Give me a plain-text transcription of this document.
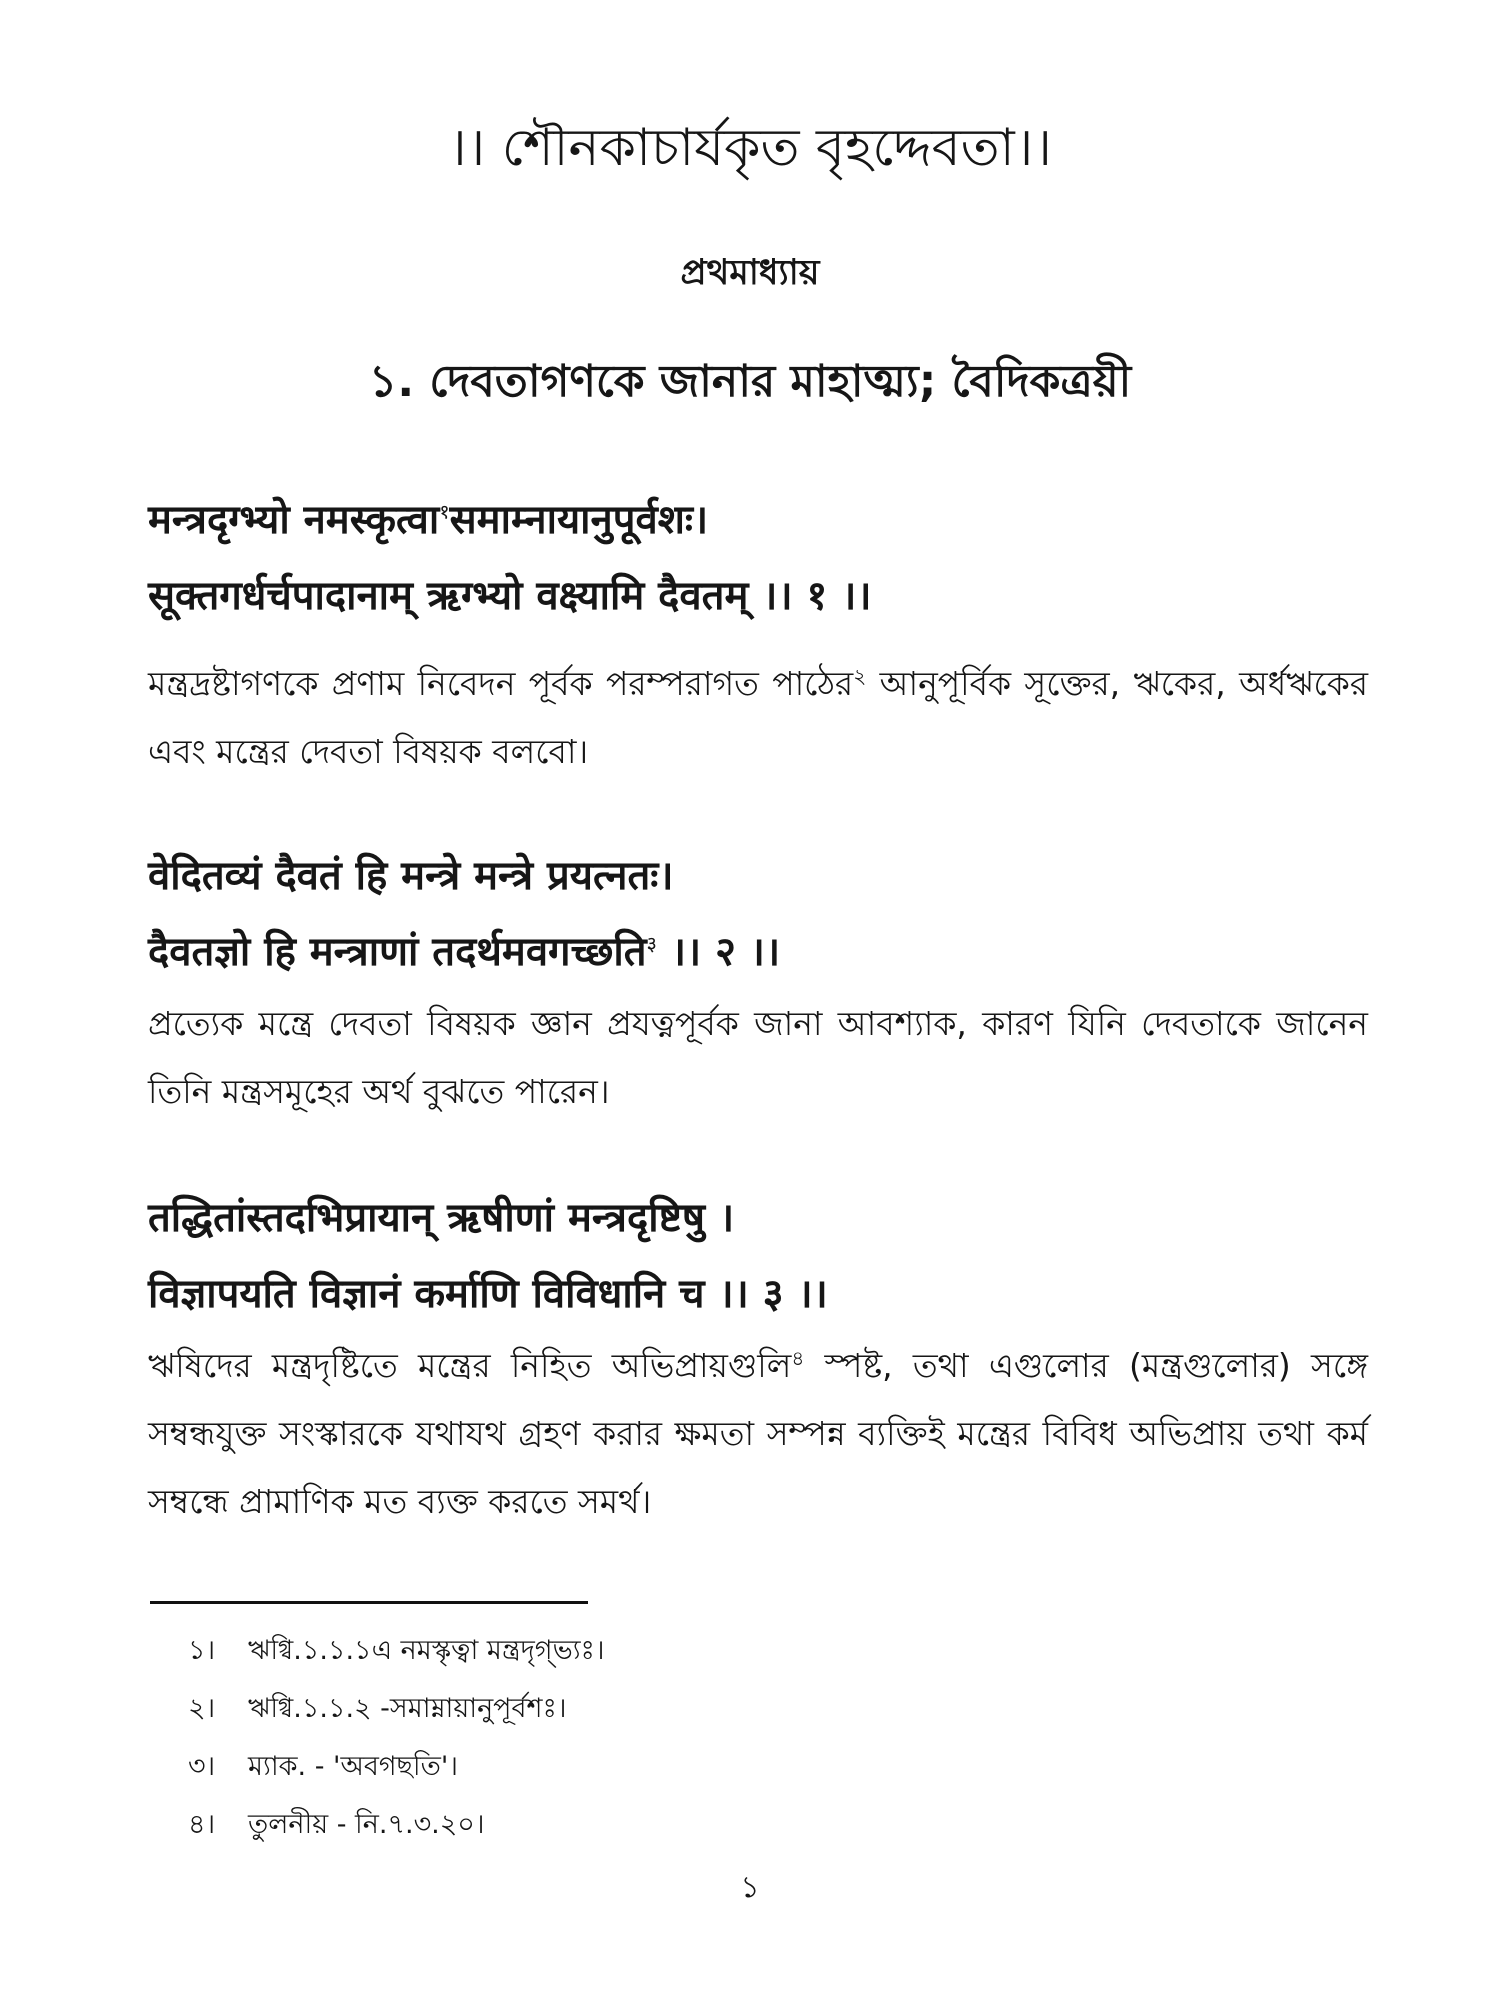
।। শৌনকাচার্যকৃত বৃহদ্দেবতা।।
প্রথমাধ্যায়
১. দেবতাগণকে জানার মাহাত্ম্য; বৈদিকত্রয়ী

मन्त्रदृग्भ्यो नमस्कृत्वा$^१$समाम्नायानुपूर्वशः।

सूक्तगर्धर्चपादानाम् ऋग्भ्यो वक्ष्यामि दैवतम् ।। १ ।।

মন্ত্রদ্রষ্টাগণকে প্রণাম নিবেদন পূর্বক পরম্পরাগত পাঠের$^২$ আনুপূর্বিক সূক্তের, ঋকের, অর্ধঋকের এবং মন্ত্রের দেবতা বিষয়ক বলবো।

वेदितव्यं दैवतं हि मन्त्रे मन्त्रे प्रयत्नतः।

दैवतज्ञो हि मन्त्राणां तदर्थमवगच्छति$^३$ ।। २ ।।

প্রত্যেক মন্ত্রে দেবতা বিষয়ক জ্ঞান প্রযত্নপূর্বক জানা আবশ্যাক, কারণ যিনি দেবতাকে জানেন তিনি মন্ত্রসমূহের অর্থ বুঝতে পারেন।

तद्धितांस्तदभिप्रायान् ऋषीणां मन्त्रदृष्टिषु ।

विज्ञापयति विज्ञानं कर्माणि विविधानि च ।। ३ ।।

ঋষিদের মন্ত্রদৃষ্টিতে মন্ত্রের নিহিত অভিপ্রায়গুলি$^৪$ স্পষ্ট, তথা এগুলোর (মন্ত্রগুলোর) সঙ্গে সম্বন্ধযুক্ত সংস্কারকে যথাযথ গ্রহণ করার ক্ষমতা সম্পন্ন ব্যক্তিই মন্ত্রের বিবিধ অভিপ্রায় তথা কর্ম সম্বন্ধে প্রামাণিক মত ব্যক্ত করতে সমর্থ।

১। ঋগ্বি.১.১.১এ নমস্কৃত্বা মন্ত্রদৃগ্ভ্যঃ।
২। ঋগ্বি.১.১.২ -সমাম্নায়ানুপূর্বশঃ।
৩। ম্যাক. - 'অবগছতি'।
৪। তুলনীয় - নি.৭.৩.২০।
১
